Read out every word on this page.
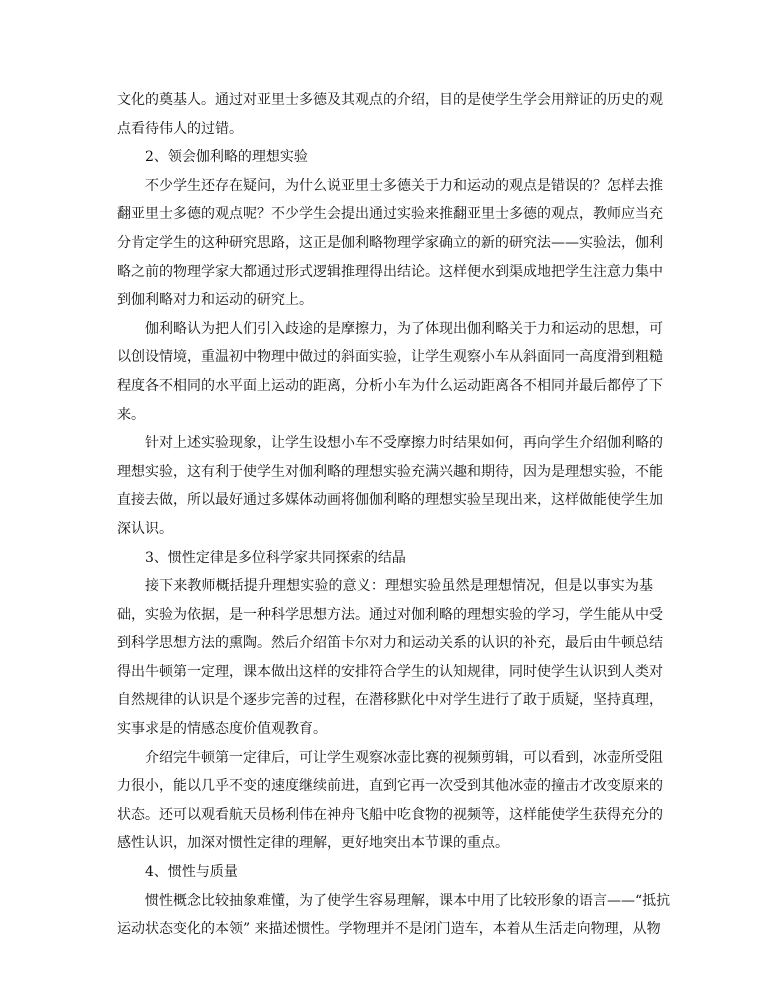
文化的奠基人。通过对亚里士多德及其观点的介绍，目的是使学生学会用辩证的历史的观
点看待伟人的过错。
2、领会伽利略的理想实验
不少学生还存在疑问，为什么说亚里士多德关于力和运动的观点是错误的？怎样去推
翻亚里士多德的观点呢？不少学生会提出通过实验来推翻亚里士多德的观点，教师应当充
分肯定学生的这种研究思路，这正是伽利略物理学家确立的新的研究法——实验法，伽利
略之前的物理学家大都通过形式逻辑推理得出结论。这样便水到渠成地把学生注意力集中
到伽利略对力和运动的研究上。
伽利略认为把人们引入歧途的是摩擦力，为了体现出伽利略关于力和运动的思想，可
以创设情境，重温初中物理中做过的斜面实验，让学生观察小车从斜面同一高度滑到粗糙
程度各不相同的水平面上运动的距离，分析小车为什么运动距离各不相同并最后都停了下
来。
针对上述实验现象，让学生设想小车不受摩擦力时结果如何，再向学生介绍伽利略的
理想实验，这有利于使学生对伽利略的理想实验充满兴趣和期待，因为是理想实验，不能
直接去做，所以最好通过多媒体动画将伽伽利略的理想实验呈现出来，这样做能使学生加
深认识。
3、惯性定律是多位科学家共同探索的结晶
接下来教师概括提升理想实验的意义：理想实验虽然是理想情况，但是以事实为基
础，实验为依据，是一种科学思想方法。通过对伽利略的理想实验的学习，学生能从中受
到科学思想方法的熏陶。然后介绍笛卡尔对力和运动关系的认识的补充，最后由牛顿总结
得出牛顿第一定理，课本做出这样的安排符合学生的认知规律，同时使学生认识到人类对
自然规律的认识是个逐步完善的过程，在潜移默化中对学生进行了敢于质疑，坚持真理，
实事求是的情感态度价值观教育。
介绍完牛顿第一定律后，可让学生观察冰壶比赛的视频剪辑，可以看到，冰壶所受阻
力很小，能以几乎不变的速度继续前进，直到它再一次受到其他冰壶的撞击才改变原来的
状态。还可以观看航天员杨利伟在神舟飞船中吃食物的视频等，这样能使学生获得充分的
感性认识，加深对惯性定律的理解，更好地突出本节课的重点。
4、惯性与质量
惯性概念比较抽象难懂，为了使学生容易理解，课本中用了比较形象的语言——“抵抗
运动状态变化的本领” 来描述惯性。学物理并不是闭门造车，本着从生活走向物理，从物
